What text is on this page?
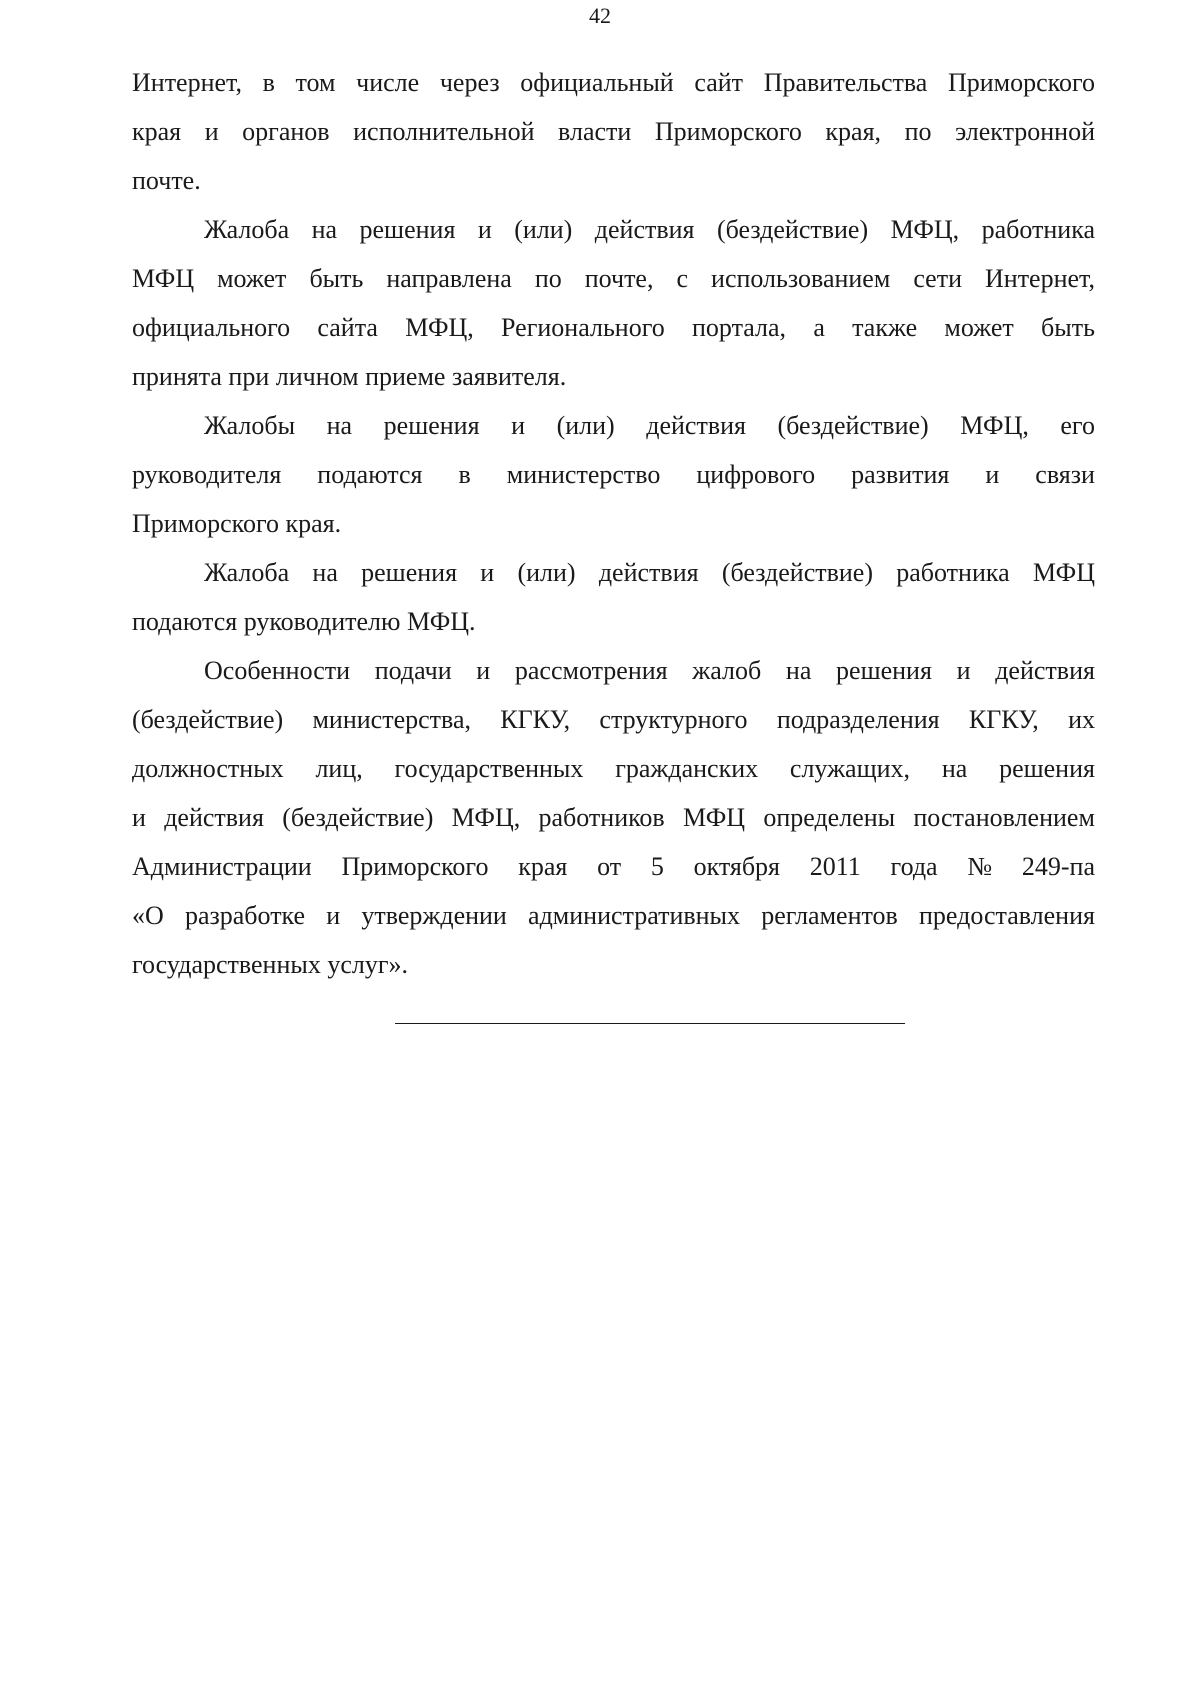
42

Интернет, в том числе через официальный сайт Правительства Приморского
края и органов исполнительной власти Приморского края, по электронной
почте.

Жалоба на решения и (или) действия (бездействие) МФЦ, работника
МФЦ может быть направлена по почте, с использованием сети Интернет,
официального сайта МФЦ, Регионального портала, а также может быть
принята при личном приеме заявителя.

Жалобы на решения и (или) действия (бездействие) МФЦ, его
руководителя подаются в министерство цифрового развития и связи
Приморского края.

Жалоба на решения и (или) действия (бездействие) работника МФЦ
подаются руководителю МФЦ.

Особенности подачи и рассмотрения жалоб на решения и действия
(бездействие) министерства, КГКУ, структурного подразделения КГКУ, их
должностных лиц, государственных гражданских служащих, на решения
и действия (бездействие) МФЦ, работников МФЦ определены постановлением
Администрации Приморского края от 5 октября 2011 года № 249-па
«О разработке и утверждении административных регламентов предоставления
государственных услуг».
